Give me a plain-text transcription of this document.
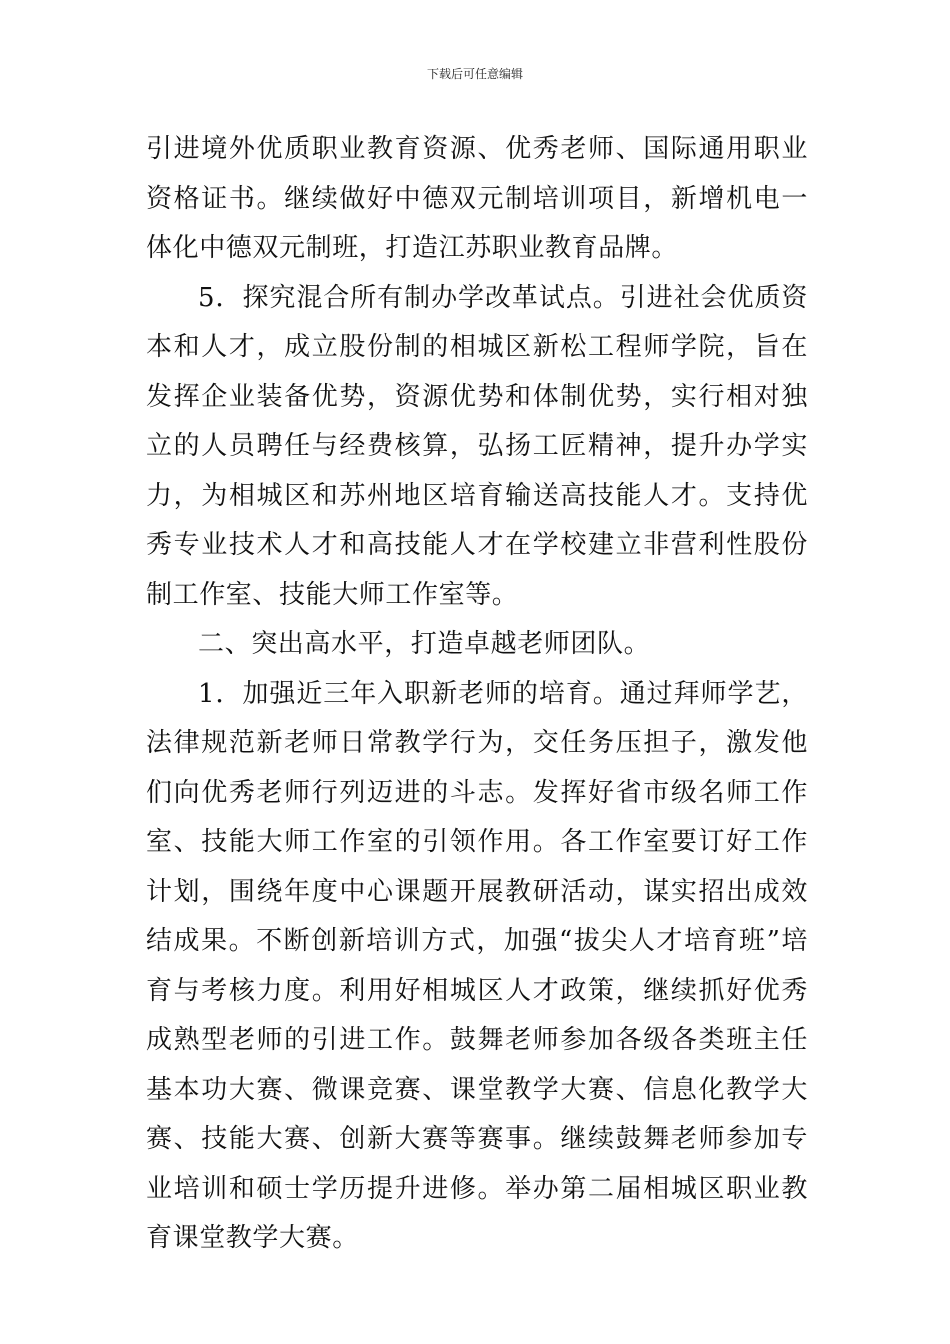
下载后可任意编辑

引进境外优质职业教育资源、优秀老师、国际通用职业资格证书。继续做好中德双元制培训项目，新增机电一体化中德双元制班，打造江苏职业教育品牌。

5．探究混合所有制办学改革试点。引进社会优质资本和人才，成立股份制的相城区新松工程师学院，旨在发挥企业装备优势，资源优势和体制优势，实行相对独立的人员聘任与经费核算，弘扬工匠精神，提升办学实力，为相城区和苏州地区培育输送高技能人才。支持优秀专业技术人才和高技能人才在学校建立非营利性股份制工作室、技能大师工作室等。

二、突出高水平，打造卓越老师团队。

1．加强近三年入职新老师的培育。通过拜师学艺，法律规范新老师日常教学行为，交任务压担子，激发他们向优秀老师行列迈进的斗志。发挥好省市级名师工作室、技能大师工作室的引领作用。各工作室要订好工作计划，围绕年度中心课题开展教研活动，谋实招出成效结成果。不断创新培训方式，加强“拔尖人才培育班”培育与考核力度。利用好相城区人才政策，继续抓好优秀成熟型老师的引进工作。鼓舞老师参加各级各类班主任基本功大赛、微课竞赛、课堂教学大赛、信息化教学大赛、技能大赛、创新大赛等赛事。继续鼓舞老师参加专业培训和硕士学历提升进修。举办第二届相城区职业教育课堂教学大赛。
